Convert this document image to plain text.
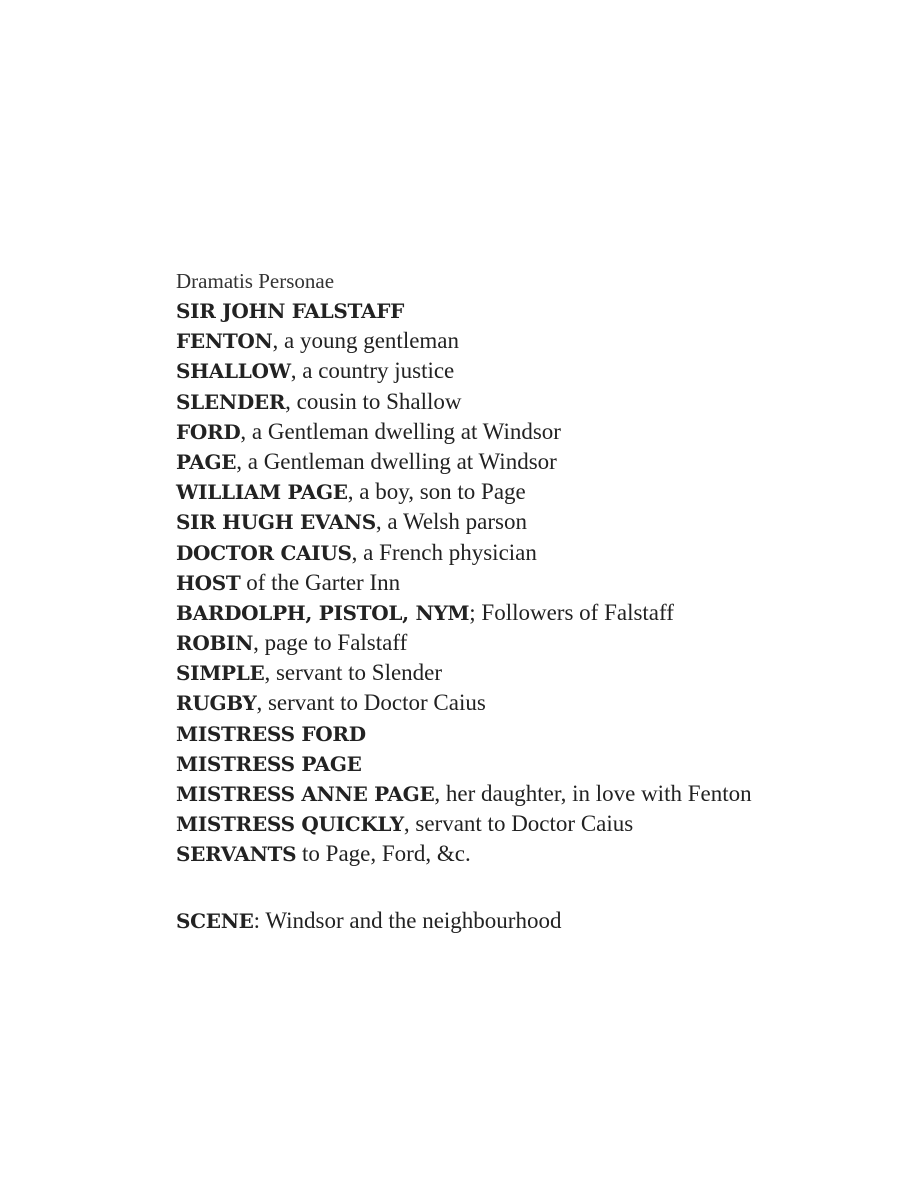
Dramatis Personae
SIR JOHN FALSTAFF
FENTON, a young gentleman
SHALLOW, a country justice
SLENDER, cousin to Shallow
FORD, a Gentleman dwelling at Windsor
PAGE, a Gentleman dwelling at Windsor
WILLIAM PAGE, a boy, son to Page
SIR HUGH EVANS, a Welsh parson
DOCTOR CAIUS, a French physician
HOST of the Garter Inn
BARDOLPH, PISTOL, NYM; Followers of Falstaff
ROBIN, page to Falstaff
SIMPLE, servant to Slender
RUGBY, servant to Doctor Caius
MISTRESS FORD
MISTRESS PAGE
MISTRESS ANNE PAGE, her daughter, in love with Fenton
MISTRESS QUICKLY, servant to Doctor Caius
SERVANTS to Page, Ford, &c.
SCENE: Windsor and the neighbourhood
